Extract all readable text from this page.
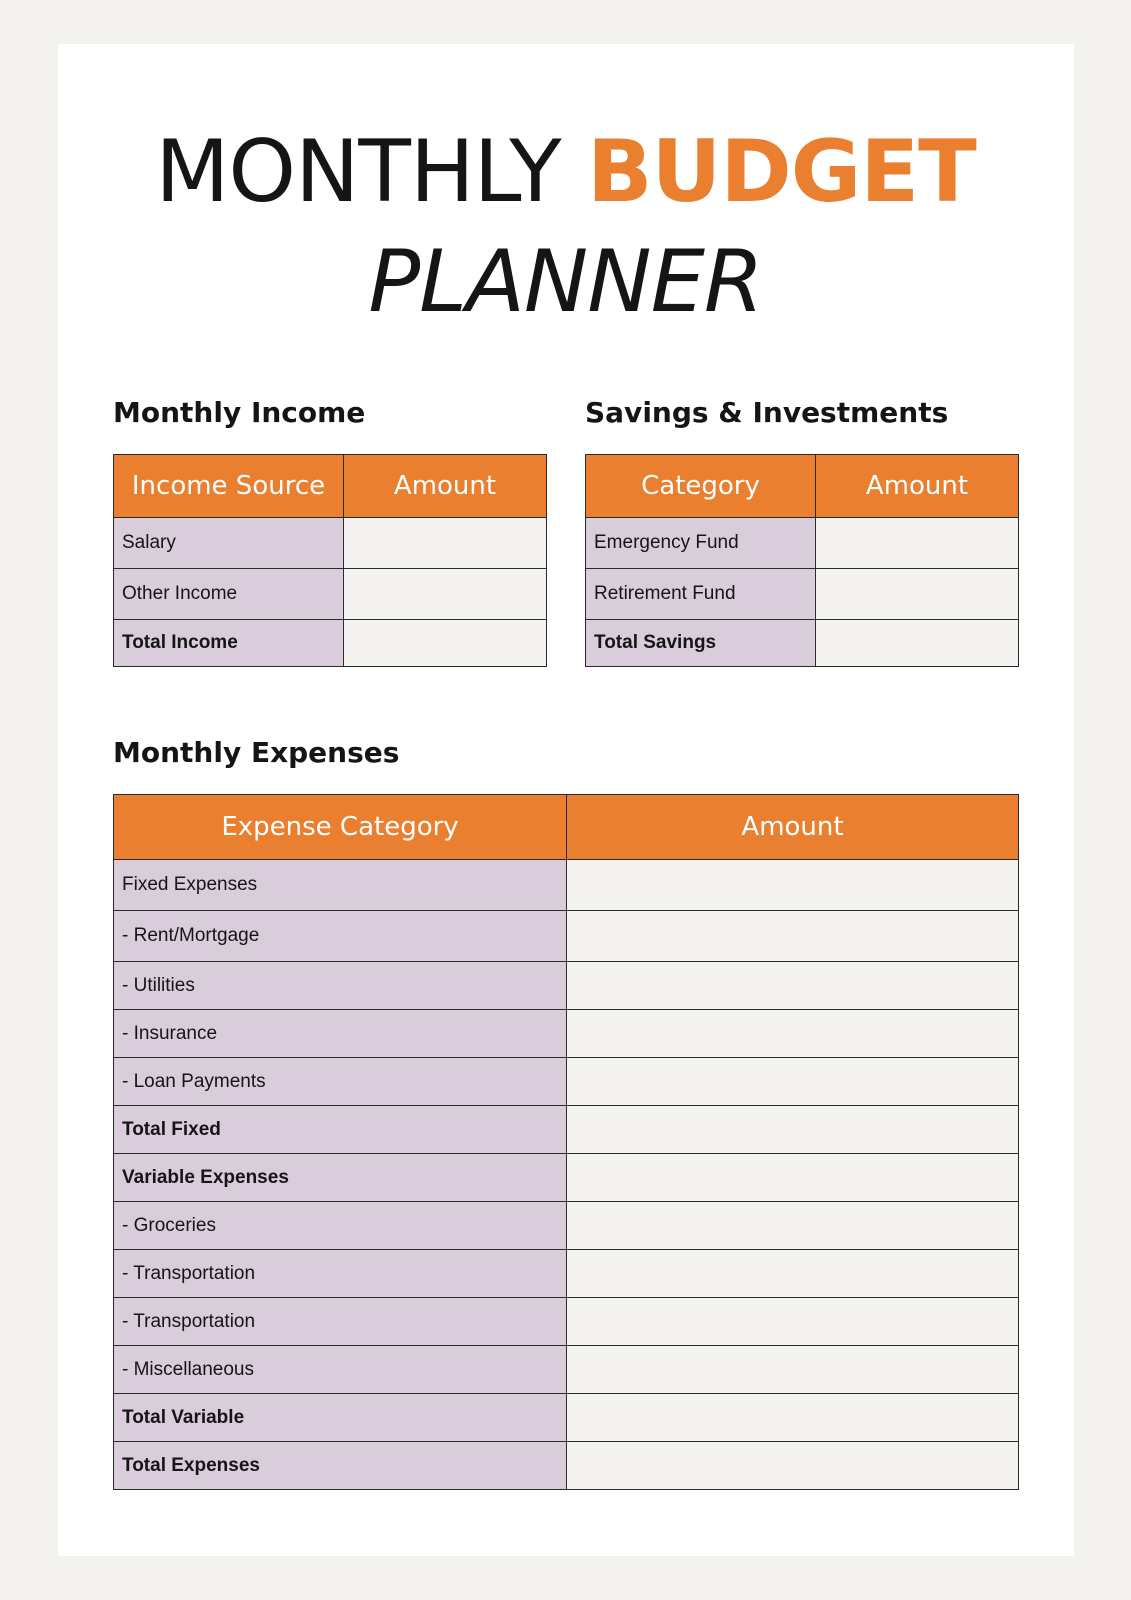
MONTHLY BUDGET
PLANNER
Monthly Income
Income Source	Amount
Salary	
Other Income	
Total Income	
Savings & Investments
Category	Amount
Emergency Fund	
Retirement Fund	
Total Savings	
Monthly Expenses
Expense Category	Amount
Fixed Expenses	
- Rent/Mortgage	
- Utilities	
- Insurance	
- Loan Payments	
Total Fixed	
Variable Expenses	
- Groceries	
- Transportation	
- Transportation	
- Miscellaneous	
Total Variable	
Total Expenses	
